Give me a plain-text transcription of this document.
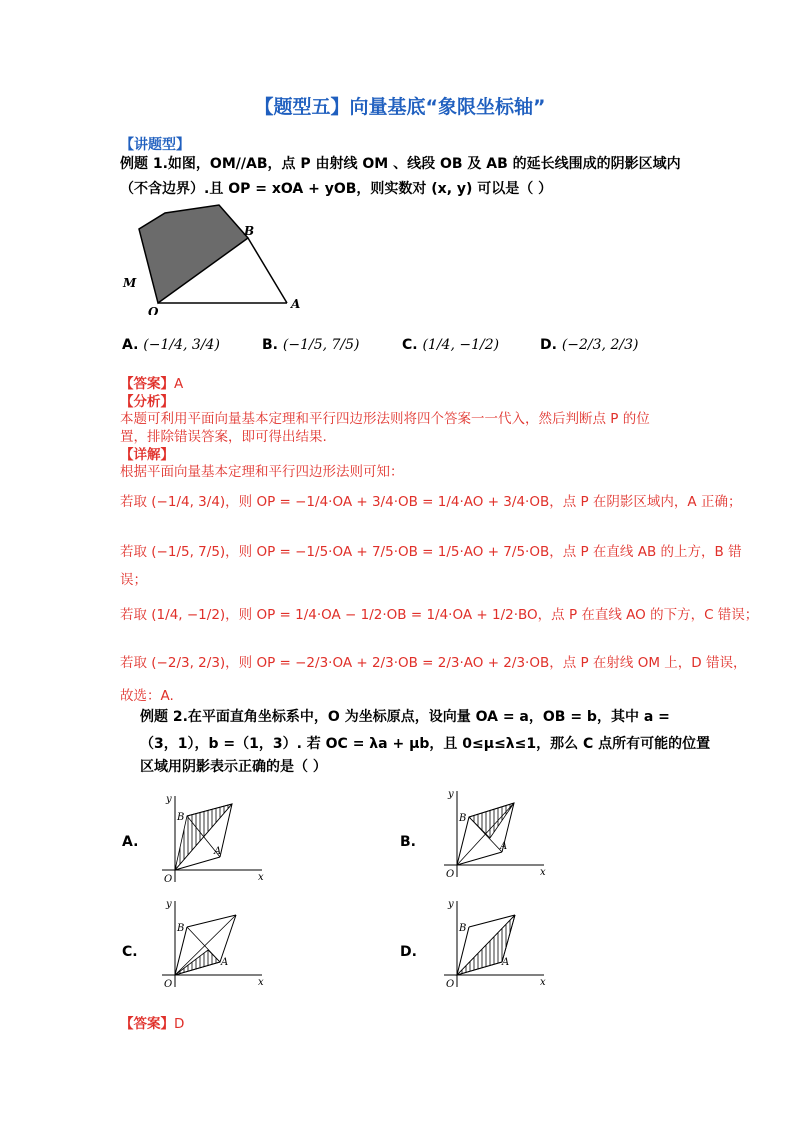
【题型五】向量基底“象限坐标轴”
【讲题型】
例题 1.如图，OM//AB，点 P 由射线 OM 、线段 OB 及 AB 的延长线围成的阴影区域内
（不含边界）.且 OP = xOA + yOB，则实数对 (x, y) 可以是（ ）
B
M
O
A
A. (−1/4, 3/4)	B. (−1/5, 7/5)	C. (1/4, −1/2)	D. (−2/3, 2/3)
【答案】A
【分析】
本题可利用平面向量基本定理和平行四边形法则将四个答案一一代入，然后判断点 P 的位
置，排除错误答案，即可得出结果.
【详解】
根据平面向量基本定理和平行四边形法则可知：
若取 (−1/4, 3/4)，则 OP = −1/4·OA + 3/4·OB = 1/4·AO + 3/4·OB，点 P 在阴影区域内，A 正确；
若取 (−1/5, 7/5)，则 OP = −1/5·OA + 7/5·OB = 1/5·AO + 7/5·OB，点 P 在直线 AB 的上方，B 错
误；
若取 (1/4, −1/2)，则 OP = 1/4·OA − 1/2·OB = 1/4·OA + 1/2·BO，点 P 在直线 AO 的下方，C 错误；
若取 (−2/3, 2/3)，则 OP = −2/3·OA + 2/3·OB = 2/3·AO + 2/3·OB，点 P 在射线 OM 上，D 错误，
故选：A.
例题 2.在平面直角坐标系中，O 为坐标原点，设向量 OA = a，OB = b，其中 a =
（3，1），b =（1，3）. 若 OC = λa + μb，且 0≤μ≤λ≤1，那么 C 点所有可能的位置
区域用阴影表示正确的是（ ）
A.
y
x
O
A
B
B.
y
x
O
A
B
C.
y
x
O
A
B
D.
y
x
O
A
B
【答案】D
